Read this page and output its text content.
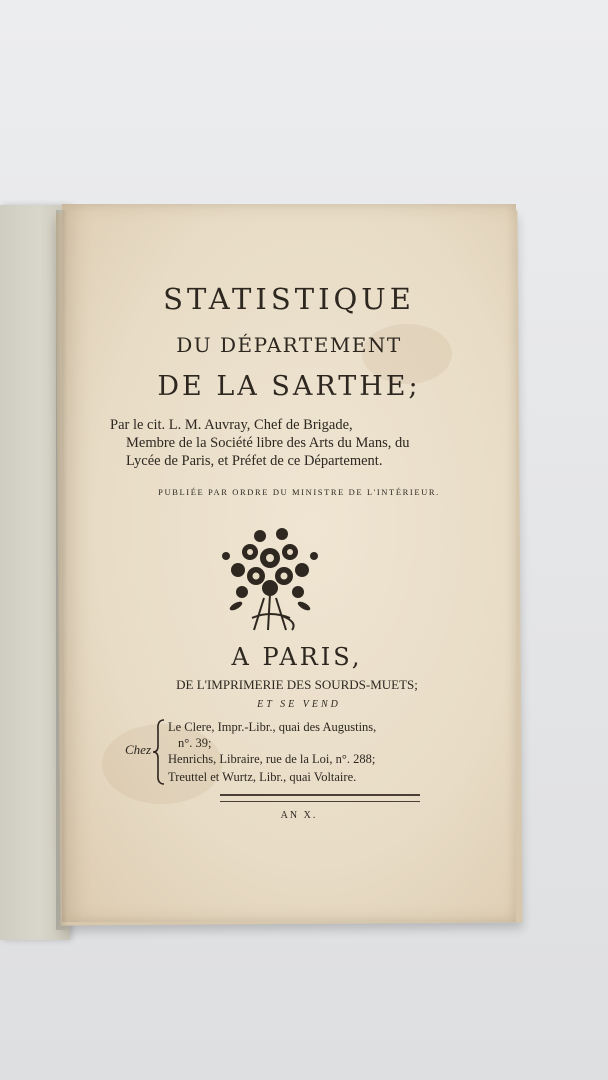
STATISTIQUE
DU DÉPARTEMENT
DE LA SARTHE;
Par le cit. L. M. Auvray, Chef de Brigade,
Membre de la Société libre des Arts du Mans, du
Lycée de Paris, et Préfet de ce Département.
PUBLIÉE PAR ORDRE DU MINISTRE DE L'INTÉRIEUR.
A PARIS,
DE L'IMPRIMERIE DES SOURDS-MUETS;
ET SE VEND
Chez
Le Clere, Impr.-Libr., quai des Augustins,
n°. 39;
Henrichs, Libraire, rue de la Loi, n°. 288;
Treuttel et Wurtz, Libr., quai Voltaire.
AN X.
